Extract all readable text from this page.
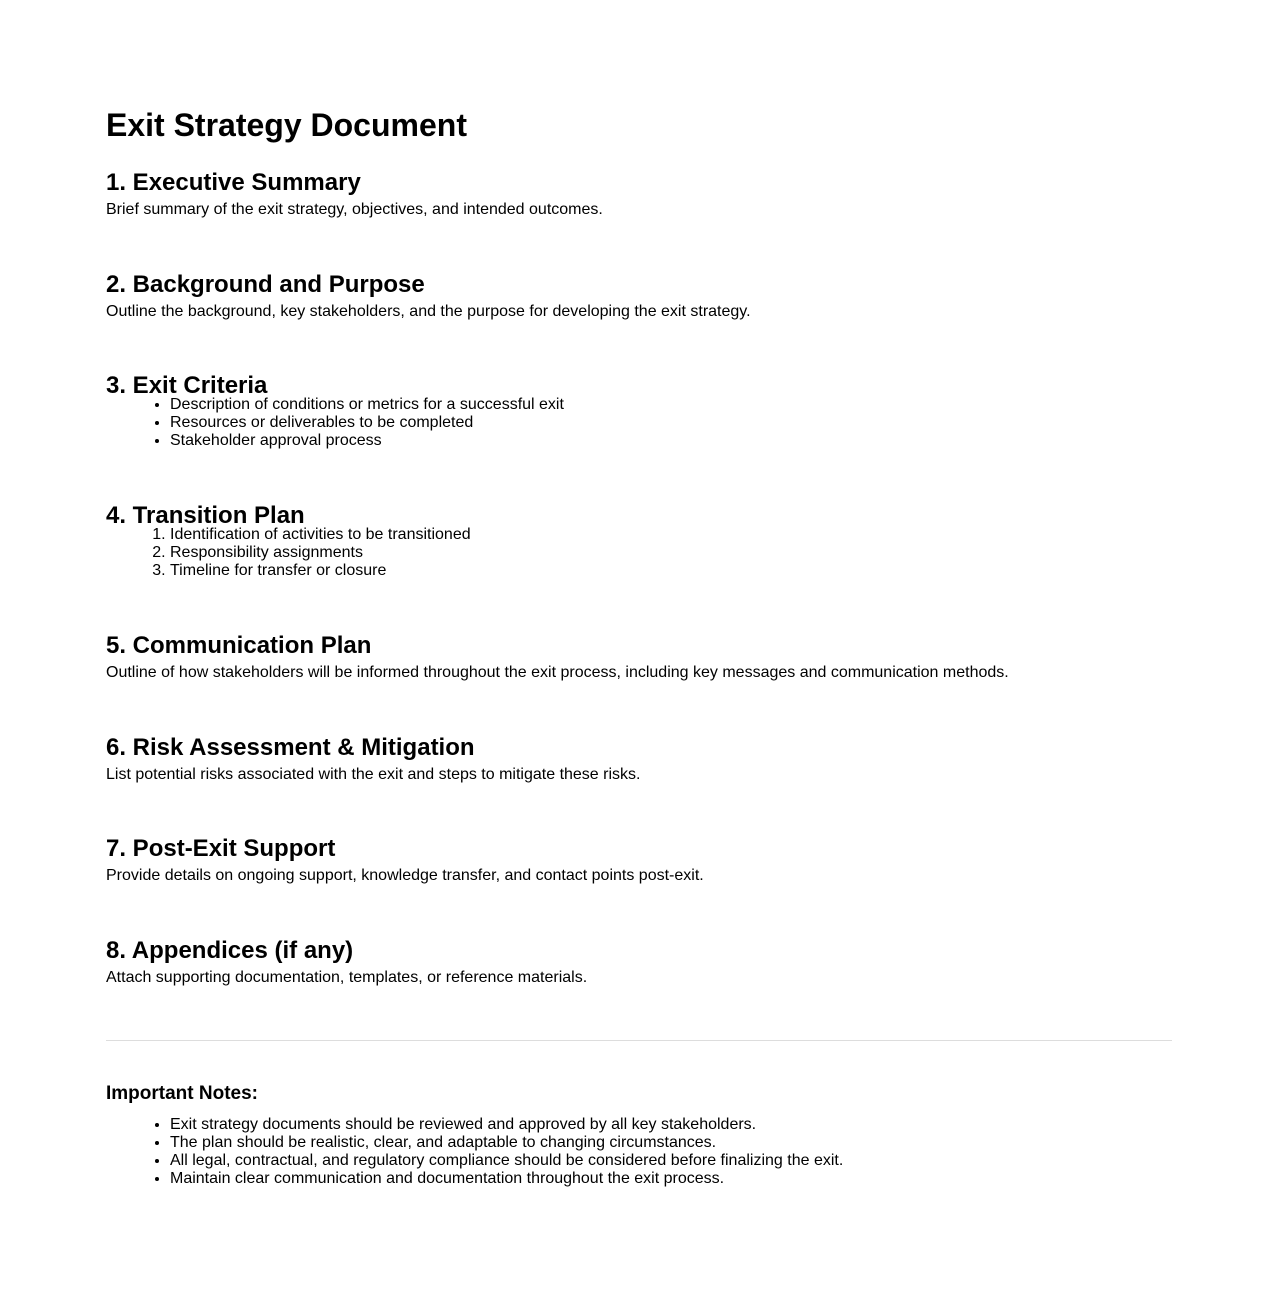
Exit Strategy Document
1. Executive Summary

Brief summary of the exit strategy, objectives, and intended outcomes.

2. Background and Purpose

Outline the background, key stakeholders, and the purpose for developing the exit strategy.

3. Exit Criteria
• Description of conditions or metrics for a successful exit
• Resources or deliverables to be completed
• Stakeholder approval process
4. Transition Plan
1. Identification of activities to be transitioned
2. Responsibility assignments
3. Timeline for transfer or closure
5. Communication Plan

Outline of how stakeholders will be informed throughout the exit process, including key messages and communication methods.

6. Risk Assessment & Mitigation

List potential risks associated with the exit and steps to mitigate these risks.

7. Post-Exit Support

Provide details on ongoing support, knowledge transfer, and contact points post-exit.

8. Appendices (if any)

Attach supporting documentation, templates, or reference materials.

Important Notes:
• Exit strategy documents should be reviewed and approved by all key stakeholders.
• The plan should be realistic, clear, and adaptable to changing circumstances.
• All legal, contractual, and regulatory compliance should be considered before finalizing the exit.
• Maintain clear communication and documentation throughout the exit process.
